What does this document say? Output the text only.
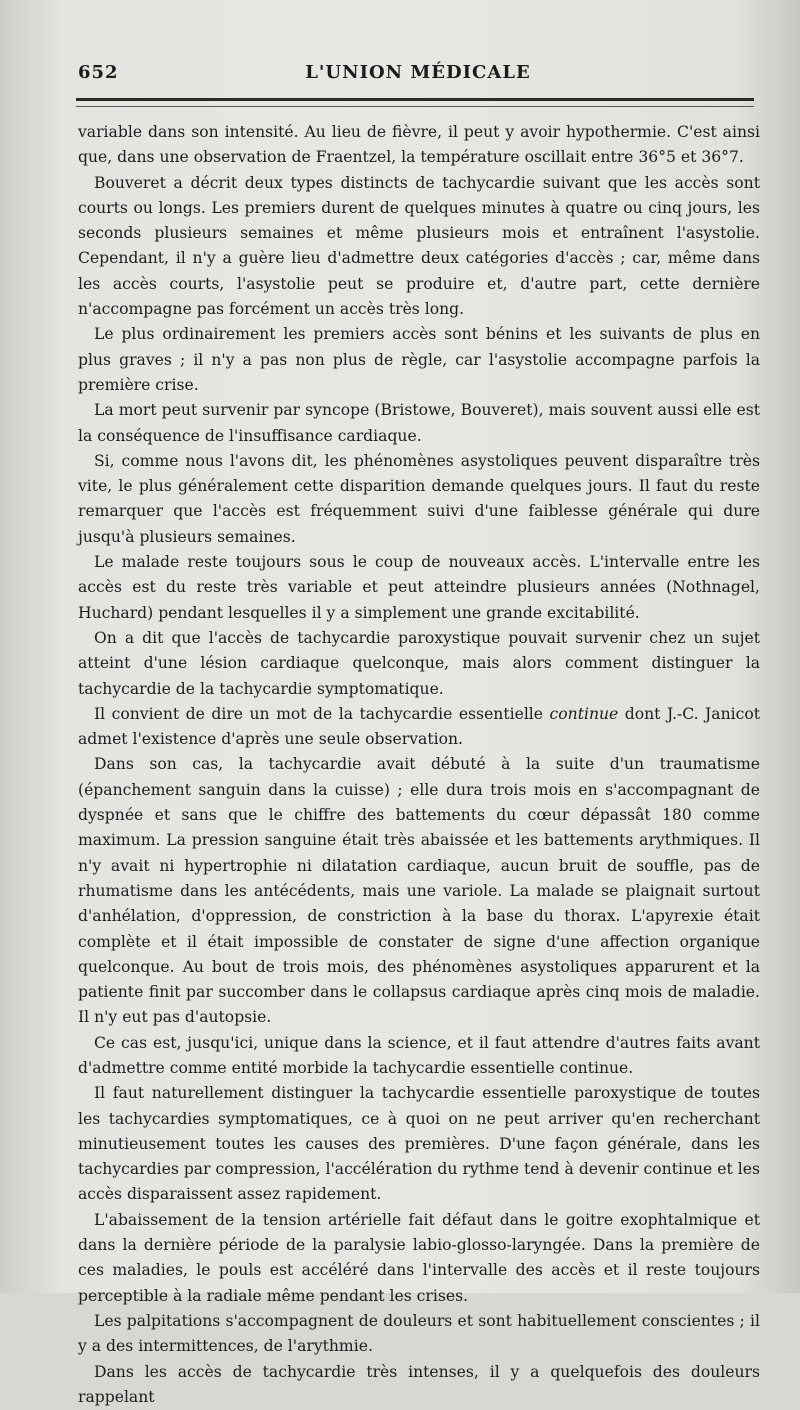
652	L'UNION MÉDICALE

variable dans son intensité. Au lieu de fièvre, il peut y avoir hypothermie. C'est ainsi que, dans une observation de Fraentzel, la température oscillait entre 36°5 et 36°7.

Bouveret a décrit deux types distincts de tachycardie suivant que les accès sont courts ou longs. Les premiers durent de quelques minutes à quatre ou cinq jours, les seconds plusieurs semaines et même plusieurs mois et entraînent l'asystolie. Cependant, il n'y a guère lieu d'admettre deux catégories d'accès ; car, même dans les accès courts, l'asystolie peut se produire et, d'autre part, cette dernière n'accompagne pas forcément un accès très long.

Le plus ordinairement les premiers accès sont bénins et les suivants de plus en plus graves ; il n'y a pas non plus de règle, car l'asystolie accompagne parfois la première crise.

La mort peut survenir par syncope (Bristowe, Bouveret), mais souvent aussi elle est la conséquence de l'insuffisance cardiaque.

Si, comme nous l'avons dit, les phénomènes asystoliques peuvent disparaître très vite, le plus généralement cette disparition demande quelques jours. Il faut du reste remarquer que l'accès est fréquemment suivi d'une faiblesse générale qui dure jusqu'à plusieurs semaines.

Le malade reste toujours sous le coup de nouveaux accès. L'intervalle entre les accès est du reste très variable et peut atteindre plusieurs années (Nothnagel, Huchard) pendant lesquelles il y a simplement une grande excitabilité.

On a dit que l'accès de tachycardie paroxystique pouvait survenir chez un sujet atteint d'une lésion cardiaque quelconque, mais alors comment distinguer la tachycardie de la tachycardie symptomatique.

Il convient de dire un mot de la tachycardie essentielle continue dont J.-C. Janicot admet l'existence d'après une seule observation.

Dans son cas, la tachycardie avait débuté à la suite d'un traumatisme (épanchement sanguin dans la cuisse) ; elle dura trois mois en s'accompagnant de dyspnée et sans que le chiffre des battements du cœur dépassât 180 comme maximum. La pression sanguine était très abaissée et les battements arythmiques. Il n'y avait ni hypertrophie ni dilatation cardiaque, aucun bruit de souffle, pas de rhumatisme dans les antécédents, mais une variole. La malade se plaignait surtout d'anhélation, d'oppression, de constriction à la base du thorax. L'apyrexie était complète et il était impossible de constater de signe d'une affection organique quelconque. Au bout de trois mois, des phénomènes asystoliques apparurent et la patiente finit par succomber dans le collapsus cardiaque après cinq mois de maladie. Il n'y eut pas d'autopsie.

Ce cas est, jusqu'ici, unique dans la science, et il faut attendre d'autres faits avant d'admettre comme entité morbide la tachycardie essentielle continue.

Il faut naturellement distinguer la tachycardie essentielle paroxystique de toutes les tachycardies symptomatiques, ce à quoi on ne peut arriver qu'en recherchant minutieusement toutes les causes des premières. D'une façon générale, dans les tachycardies par compression, l'accélération du rythme tend à devenir continue et les accès disparaissent assez rapidement.

L'abaissement de la tension artérielle fait défaut dans le goitre exophtalmique et dans la dernière période de la paralysie labio-glosso-laryngée. Dans la première de ces maladies, le pouls est accéléré dans l'intervalle des accès et il reste toujours perceptible à la radiale même pendant les crises.

Les palpitations s'accompagnent de douleurs et sont habituellement conscientes ; il y a des intermittences, de l'arythmie.

Dans les accès de tachycardie très intenses, il y a quelquefois des douleurs rappelant
